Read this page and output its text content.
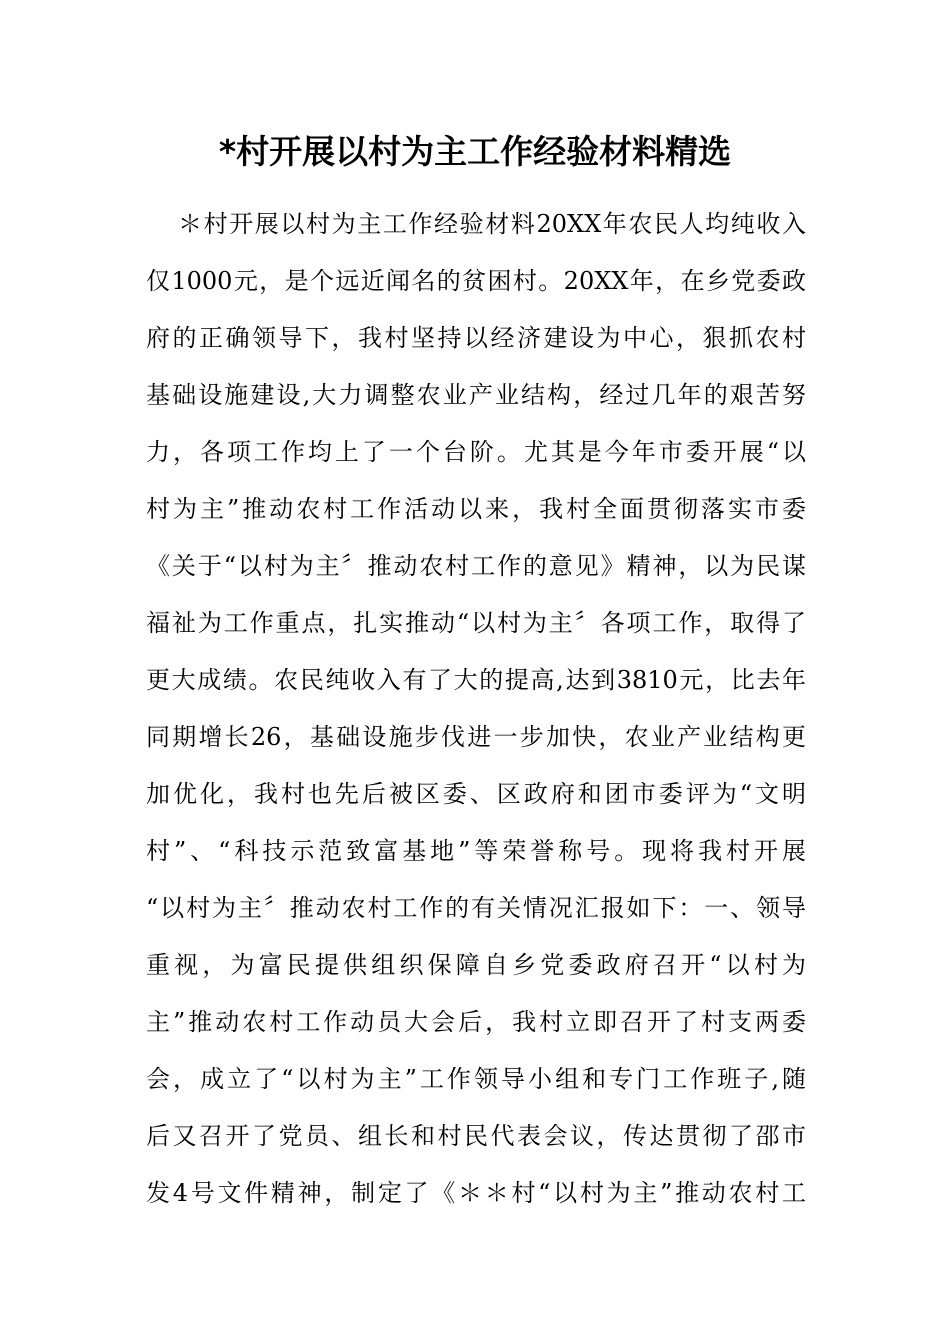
*村开展以村为主工作经验材料精选
＊村开展以村为主工作经验材料20XX年农民人均纯收入
仅1000元，是个远近闻名的贫困村。20XX年，在乡党委政
府的正确领导下，我村坚持以经济建设为中心，狠抓农村
基础设施建设,大力调整农业产业结构，经过几年的艰苦努
力，各项工作均上了一个台阶。尤其是今年市委开展“以
村为主”推动农村工作活动以来，我村全面贯彻落实市委
《关于“以村为主〞推动农村工作的意见》精神，以为民谋
福祉为工作重点，扎实推动“以村为主〞各项工作，取得了
更大成绩。农民纯收入有了大的提高,达到3810元，比去年
同期增长26，基础设施步伐进一步加快，农业产业结构更
加优化，我村也先后被区委、区政府和团市委评为“文明
村”、“科技示范致富基地”等荣誉称号。现将我村开展
“以村为主〞推动农村工作的有关情况汇报如下：一、领导
重视，为富民提供组织保障自乡党委政府召开“以村为
主”推动农村工作动员大会后，我村立即召开了村支两委
会，成立了“以村为主”工作领导小组和专门工作班子,随
后又召开了党员、组长和村民代表会议，传达贯彻了邵市
发4号文件精神，制定了《＊＊村“以村为主”推动农村工
